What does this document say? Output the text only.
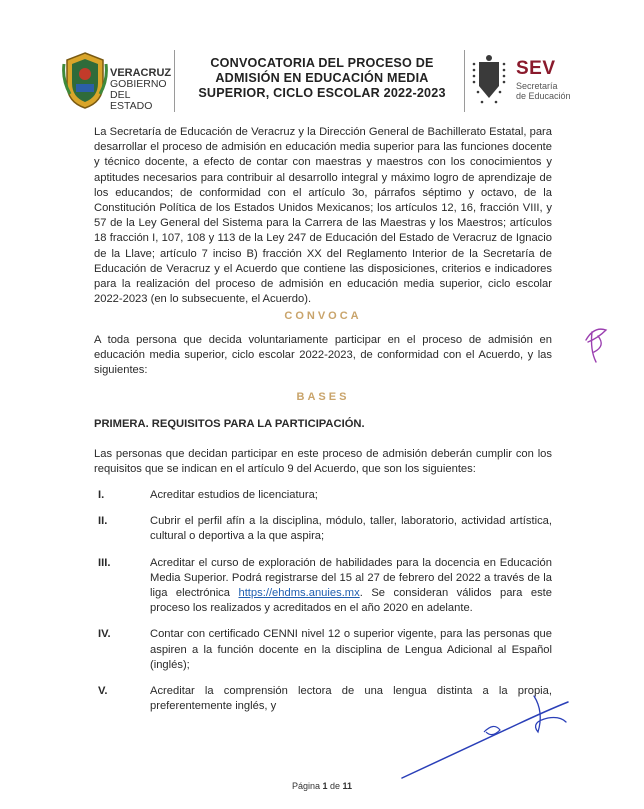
VERACRUZ
GOBIERNO
DEL ESTADO
CONVOCATORIA DEL PROCESO DE
ADMISIÓN EN EDUCACIÓN MEDIA
SUPERIOR, CICLO ESCOLAR 2022-2023
SEV
Secretaría
de Educación

La Secretaría de Educación de Veracruz y la Dirección General de Bachillerato Estatal, para desarrollar el proceso de admisión en educación media superior para las funciones docente y técnico docente, a efecto de contar con maestras y maestros con los conocimientos y aptitudes necesarios para contribuir al desarrollo integral y máximo logro de aprendizaje de los educandos; de conformidad con el artículo 3o, párrafos séptimo y octavo, de la Constitución Política de los Estados Unidos Mexicanos; los artículos 12, 16, fracción VIII, y 57 de la Ley General del Sistema para la Carrera de las Maestras y los Maestros; artículos 18 fracción I, 107, 108 y 113 de la Ley 247 de Educación del Estado de Veracruz de Ignacio de la Llave; artículo 7 inciso B) fracción XX del Reglamento Interior de la Secretaría de Educación de Veracruz y el Acuerdo que contiene las disposiciones, criterios e indicadores para la realización del proceso de admisión en educación media superior, ciclo escolar 2022-2023 (en lo subsecuente, el Acuerdo).

CONVOCA

A toda persona que decida voluntariamente participar en el proceso de admisión en educación media superior, ciclo escolar 2022-2023, de conformidad con el Acuerdo, y las siguientes:

BASES

PRIMERA. REQUISITOS PARA LA PARTICIPACIÓN.

Las personas que decidan participar en este proceso de admisión deberán cumplir con los requisitos que se indican en el artículo 9 del Acuerdo, que son los siguientes:

I.	Acreditar estudios de licenciatura;
II.	Cubrir el perfil afín a la disciplina, módulo, taller, laboratorio, actividad artística, cultural o deportiva a la que aspira;
III.	Acreditar el curso de exploración de habilidades para la docencia en Educación Media Superior. Podrá registrarse del 15 al 27 de febrero del 2022 a través de la liga electrónica https://ehdms.anuies.mx. Se consideran válidos para este proceso los realizados y acreditados en el año 2020 en adelante.
IV.	Contar con certificado CENNI nivel 12 o superior vigente, para las personas que aspiren a la función docente en la disciplina de Lengua Adicional al Español (inglés);
V.	Acreditar la comprensión lectora de una lengua distinta a la propia, preferentemente inglés, y
Página 1 de 11
